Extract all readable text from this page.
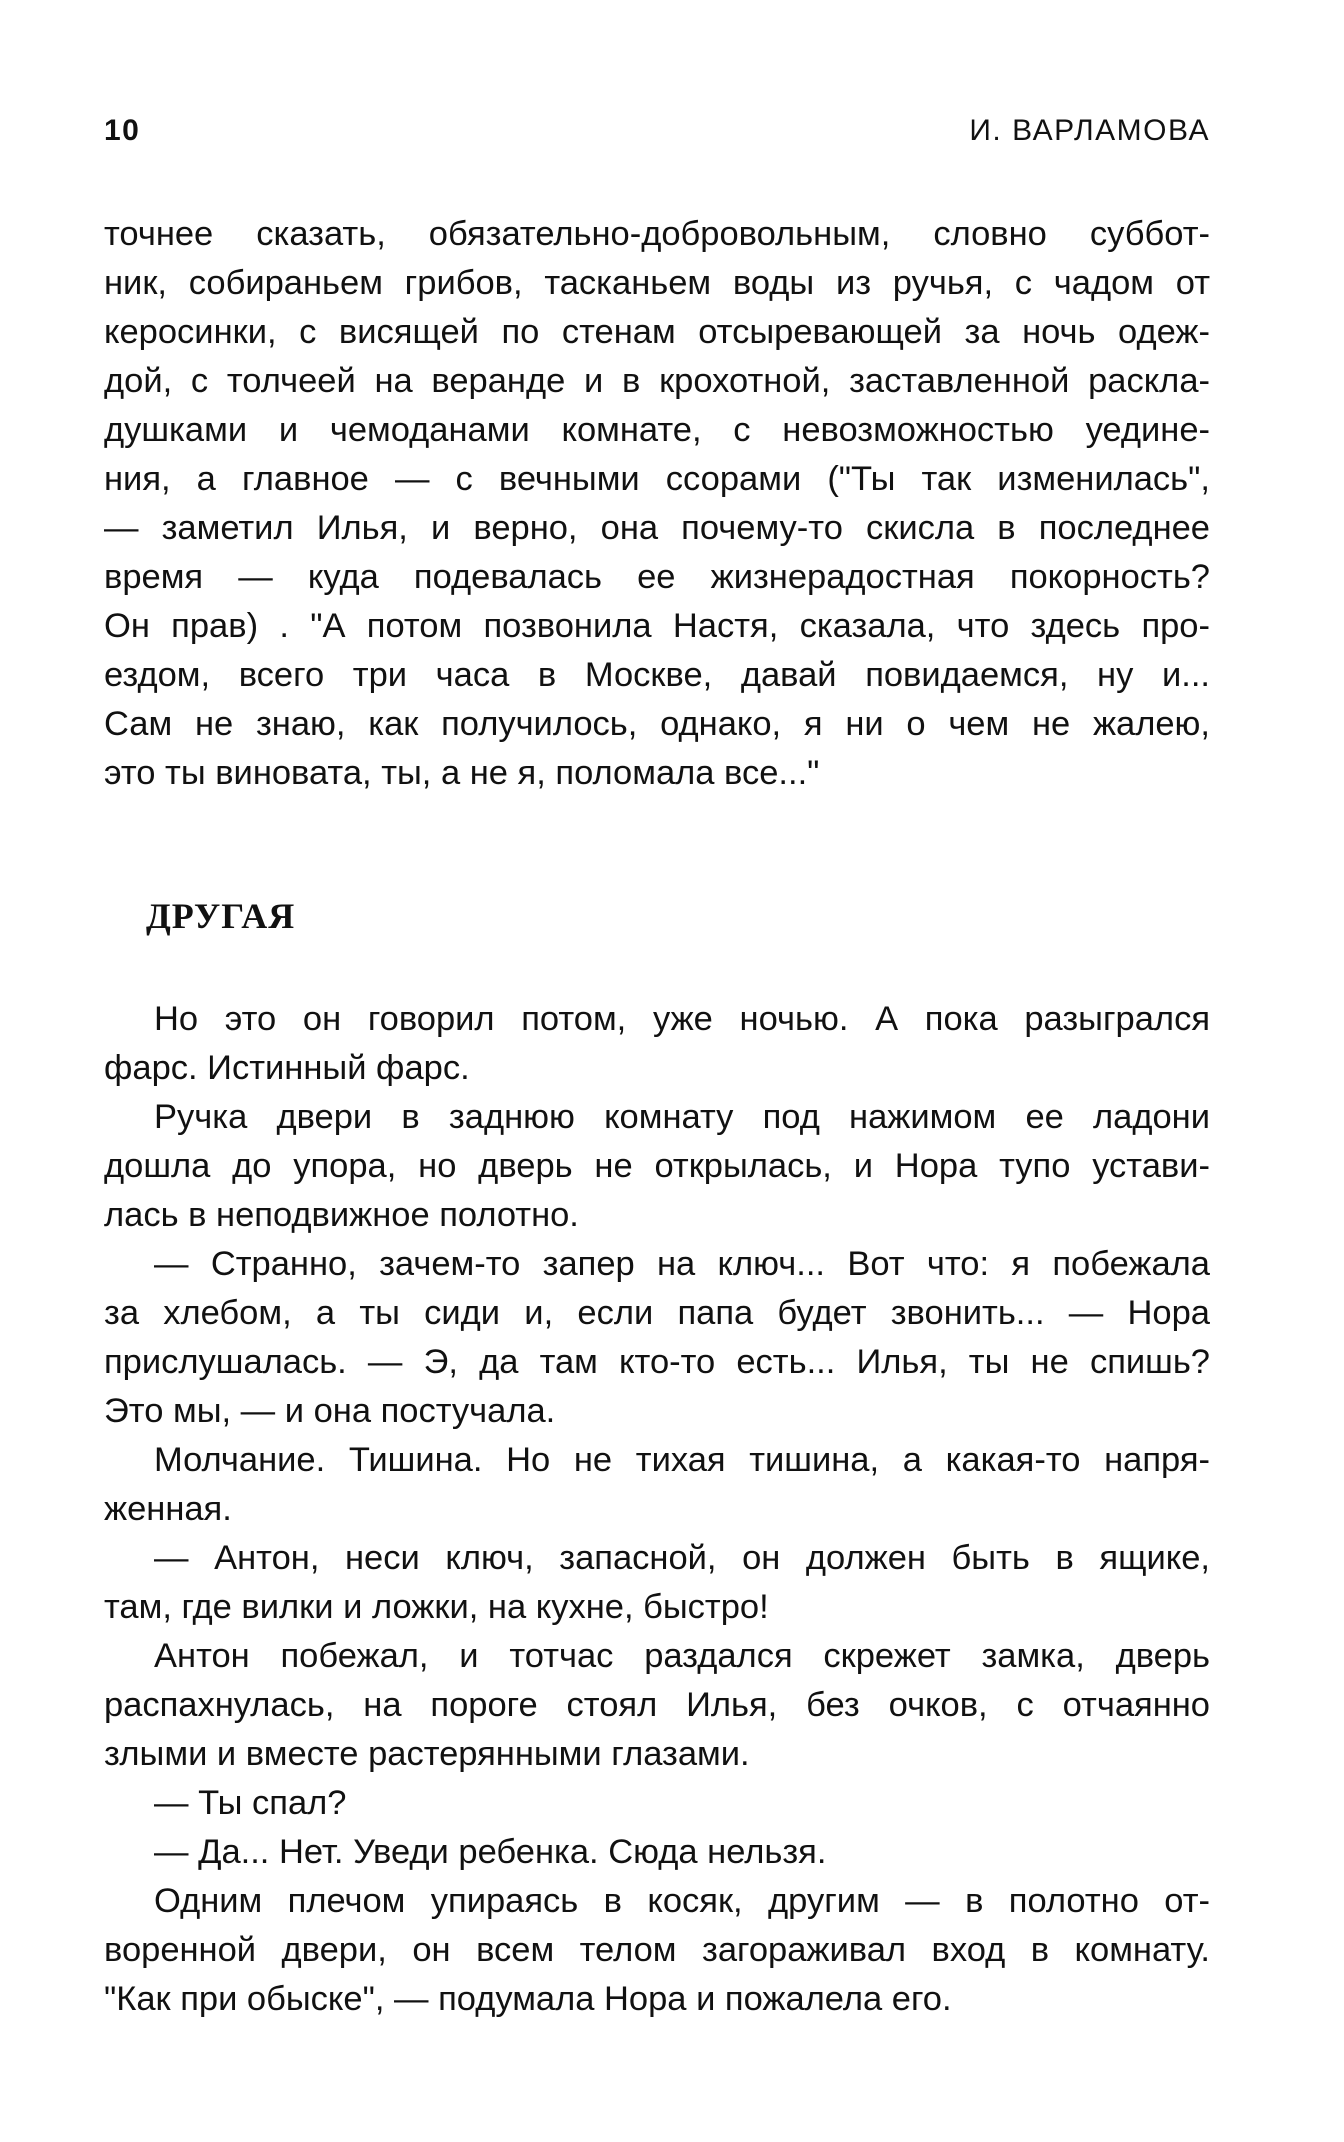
10	И. ВАРЛАМОВА

точнее сказать, обязательно-добровольным, словно суббот-
ник, собираньем грибов, тасканьем воды из ручья, с чадом от
керосинки, с висящей по стенам отсыревающей за ночь одеж-
дой, с толчеей на веранде и в крохотной, заставленной раскла-
душками и чемоданами комнате, с невозможностью уедине-
ния, а главное — с вечными ссорами ("Ты так изменилась",
— заметил Илья, и верно, она почему-то скисла в последнее
время — куда подевалась ее жизнерадостная покорность?
Он прав) . "А потом позвонила Настя, сказала, что здесь про-
ездом, всего три часа в Москве, давай повидаемся, ну и...
Сам не знаю, как получилось, однако, я ни о чем не жалею,
это ты виновата, ты, а не я, поломала все..."

ДРУГАЯ

Но это он говорил потом, уже ночью. А пока разыгрался
фарс. Истинный фарс.

Ручка двери в заднюю комнату под нажимом ее ладони
дошла до упора, но дверь не открылась, и Нора тупо устави-
лась в неподвижное полотно.

— Странно, зачем-то запер на ключ... Вот что: я побежала
за хлебом, а ты сиди и, если папа будет звонить... — Нора
прислушалась. — Э, да там кто-то есть... Илья, ты не спишь?
Это мы, — и она постучала.

Молчание. Тишина. Но не тихая тишина, а какая-то напря-
женная.

— Антон, неси ключ, запасной, он должен быть в ящике,
там, где вилки и ложки, на кухне, быстро!

Антон побежал, и тотчас раздался скрежет замка, дверь
распахнулась, на пороге стоял Илья, без очков, с отчаянно
злыми и вместе растерянными глазами.

— Ты спал?

— Да... Нет. Уведи ребенка. Сюда нельзя.

Одним плечом упираясь в косяк, другим — в полотно от-
воренной двери, он всем телом загораживал вход в комнату.
"Как при обыске", — подумала Нора и пожалела его.
